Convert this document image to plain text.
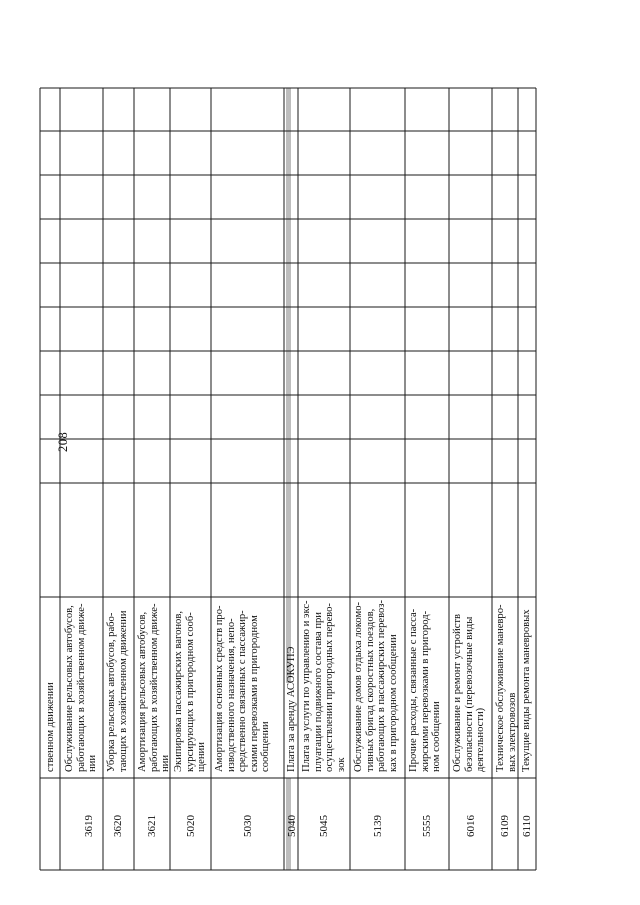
208
ственном движении
3619
Обслуживание рельсовых автобусов,
работающих в хозяйственном движе-
нии
3620
Уборка рельсовых автобусов, рабо-
тающих в хозяйственном движении
3621
Амортизация рельсовых автобусов,
работающих в хозяйственном движе-
нии
5020
Экипировка пассажирских вагонов,
курсирующих в пригородном сооб-
щении
5030
Амортизация основных средств про-
изводственного назначения, непо-
средственно связанных с пассажир-
скими перевозками в пригородном
сообщении
5040
Плата за аренду АСОКУПЭ
5045
Плата за услуги по управлению и экс-
плуатации подвижного состава при
осуществлении пригородных перево-
зок
5139
Обслуживание домов отдыха локомо-
тивных бригад скоростных поездов,
работающих в пассажирских перевоз-
ках в пригородном сообщении
5555
Прочие расходы, связанные с пасса-
жирскими перевозками в пригород-
ном сообщении
6016
Обслуживание и ремонт устройств
безопасности (перевозочные виды
деятельности)
6109
Техническое обслуживание маневро-
вых электровозов
6110
Текущие виды ремонта маневровых
